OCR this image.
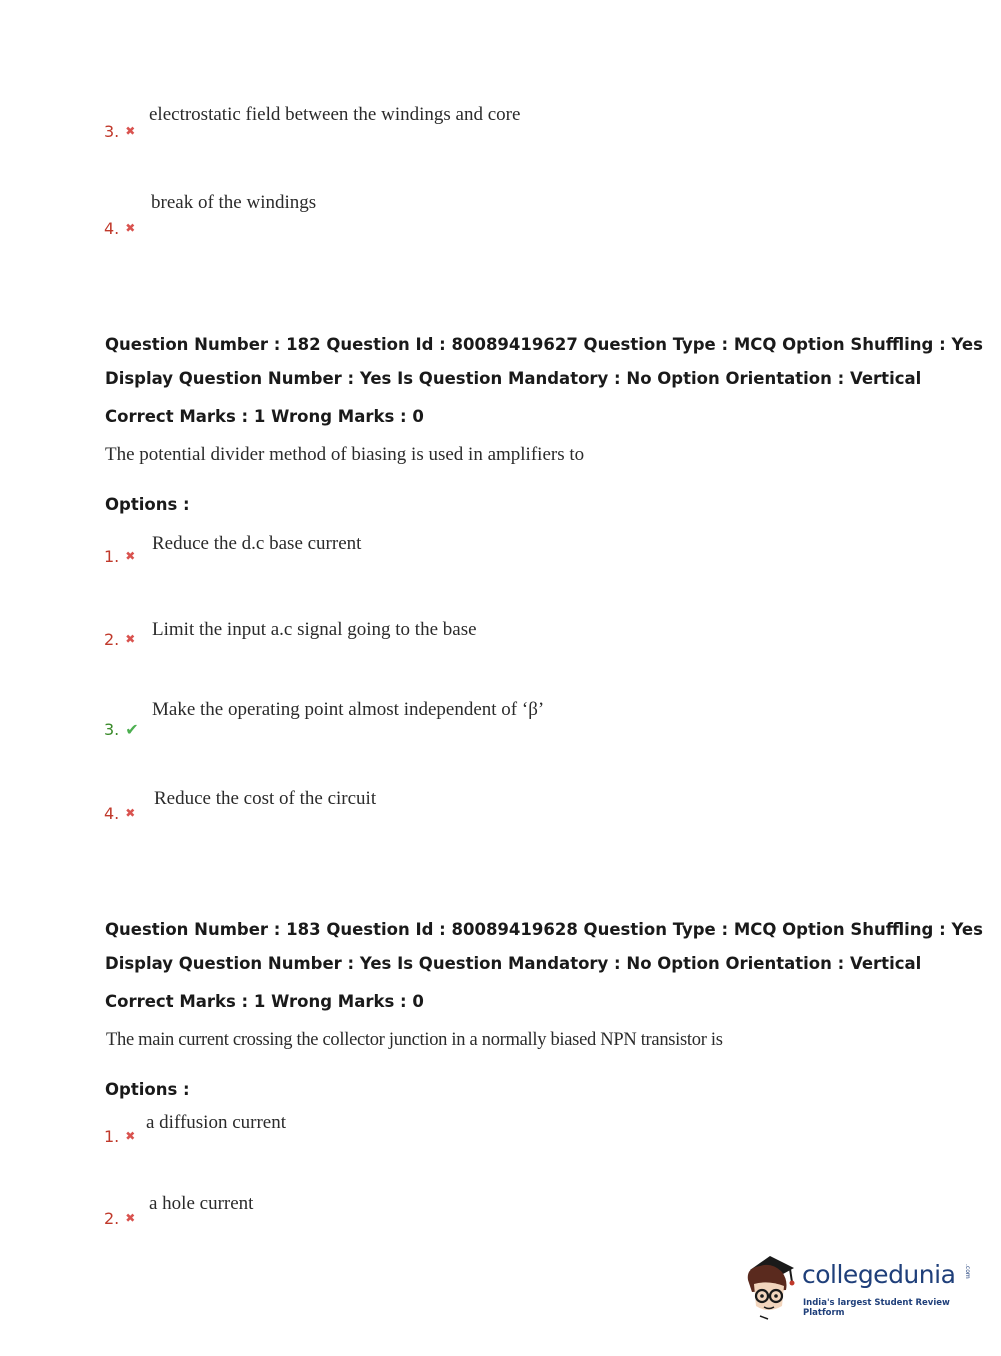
electrostatic field between the windings and core
3. ✖
break of the windings
4. ✖
Question Number : 182 Question Id : 80089419627 Question Type : MCQ Option Shuffling : Yes
Display Question Number : Yes Is Question Mandatory : No Option Orientation : Vertical
Correct Marks : 1 Wrong Marks : 0
The potential divider method of biasing is used in amplifiers to
Options :
Reduce the d.c base current
1. ✖
Limit the input a.c signal going to the base
2. ✖
Make the operating point almost independent of ‘β’
3. ✔
Reduce the cost of the circuit
4. ✖
Question Number : 183 Question Id : 80089419628 Question Type : MCQ Option Shuffling : Yes
Display Question Number : Yes Is Question Mandatory : No Option Orientation : Vertical
Correct Marks : 1 Wrong Marks : 0
The main current crossing the collector junction in a normally biased NPN transistor is
Options :
a diffusion current
1. ✖
a hole current
2. ✖
collegedunia .com
India's largest Student Review Platform
